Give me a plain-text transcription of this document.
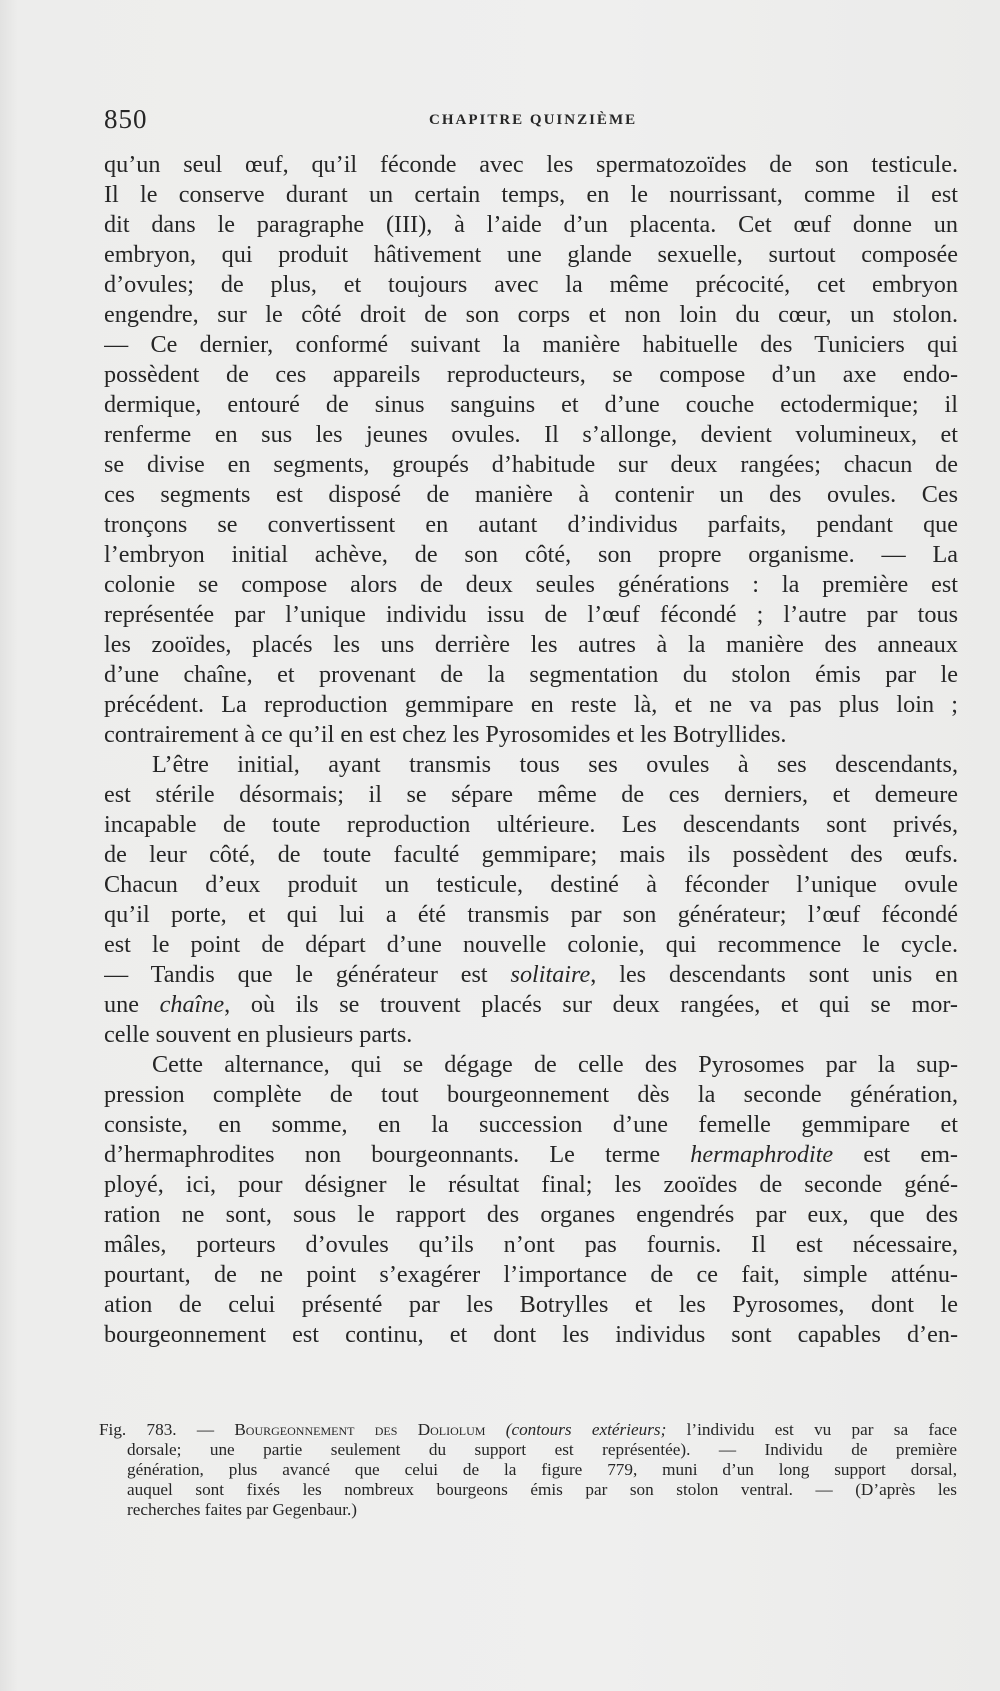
850	CHAPITRE QUINZIÈME
qu’un seul œuf, qu’il féconde avec les spermatozoïdes de son testicule.
Il le conserve durant un certain temps, en le nourrissant, comme il est
dit dans le paragraphe (III), à l’aide d’un placenta. Cet œuf donne un
embryon, qui produit hâtivement une glande sexuelle, surtout composée
d’ovules; de plus, et toujours avec la même précocité, cet embryon
engendre, sur le côté droit de son corps et non loin du cœur, un stolon.
— Ce dernier, conformé suivant la manière habituelle des Tuniciers qui
possèdent de ces appareils reproducteurs, se compose d’un axe endo-
dermique, entouré de sinus sanguins et d’une couche ectodermique; il
renferme en sus les jeunes ovules. Il s’allonge, devient volumineux, et
se divise en segments, groupés d’habitude sur deux rangées; chacun de
ces segments est disposé de manière à contenir un des ovules. Ces
tronçons se convertissent en autant d’individus parfaits, pendant que
l’embryon initial achève, de son côté, son propre organisme. — La
colonie se compose alors de deux seules générations : la première est
représentée par l’unique individu issu de l’œuf fécondé ; l’autre par tous
les zooïdes, placés les uns derrière les autres à la manière des anneaux
d’une chaîne, et provenant de la segmentation du stolon émis par le
précédent. La reproduction gemmipare en reste là, et ne va pas plus loin ;
contrairement à ce qu’il en est chez les Pyrosomides et les Botryllides.
L’être initial, ayant transmis tous ses ovules à ses descendants,
est stérile désormais; il se sépare même de ces derniers, et demeure
incapable de toute reproduction ultérieure. Les descendants sont privés,
de leur côté, de toute faculté gemmipare; mais ils possèdent des œufs.
Chacun d’eux produit un testicule, destiné à féconder l’unique ovule
qu’il porte, et qui lui a été transmis par son générateur; l’œuf fécondé
est le point de départ d’une nouvelle colonie, qui recommence le cycle.
— Tandis que le générateur est solitaire, les descendants sont unis en
une chaîne, où ils se trouvent placés sur deux rangées, et qui se mor-
celle souvent en plusieurs parts.
Cette alternance, qui se dégage de celle des Pyrosomes par la sup-
pression complète de tout bourgeonnement dès la seconde génération,
consiste, en somme, en la succession d’une femelle gemmipare et
d’hermaphrodites non bourgeonnants. Le terme hermaphrodite est em-
ployé, ici, pour désigner le résultat final; les zooïdes de seconde géné-
ration ne sont, sous le rapport des organes engendrés par eux, que des
mâles, porteurs d’ovules qu’ils n’ont pas fournis. Il est nécessaire,
pourtant, de ne point s’exagérer l’importance de ce fait, simple atténu-
ation de celui présenté par les Botrylles et les Pyrosomes, dont le
bourgeonnement est continu, et dont les individus sont capables d’en-
Fig. 783. — Bourgeonnement des Doliolum (contours extérieurs; l’individu est vu par sa face
dorsale; une partie seulement du support est représentée). — Individu de première
génération, plus avancé que celui de la figure 779, muni d’un long support dorsal,
auquel sont fixés les nombreux bourgeons émis par son stolon ventral. — (D’après les
recherches faites par Gegenbaur.)
